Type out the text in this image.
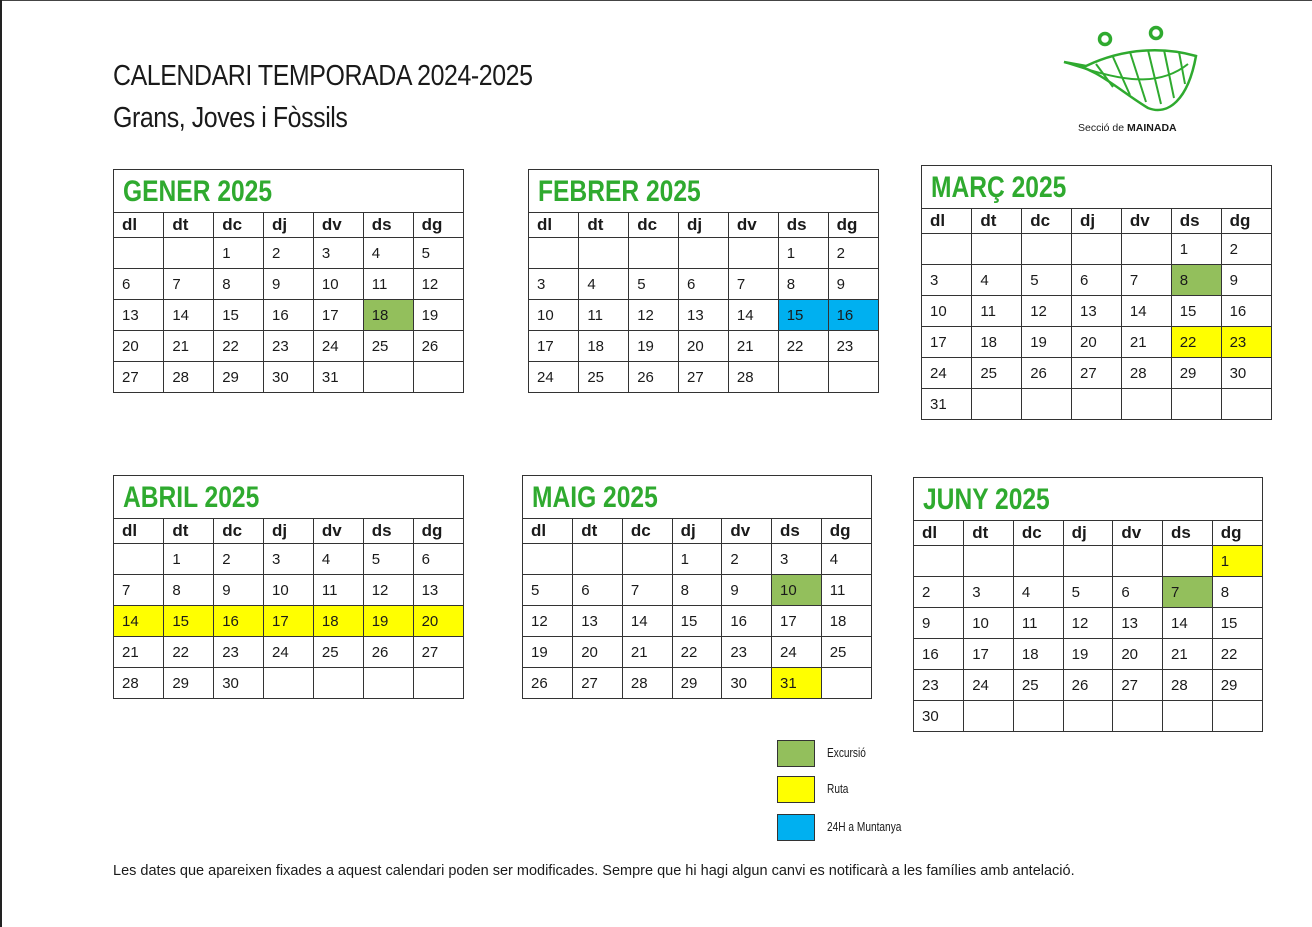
CALENDARI TEMPORADA 2024-2025
Grans, Joves i Fòssils	Secció de MAINADA
GENER 2025
dl	dt	dc	dj	dv	ds	dg
		1	2	3	4	5
6	7	8	9	10	11	12
13	14	15	16	17	18	19
20	21	22	23	24	25	26
27	28	29	30	31		
FEBRER 2025
dl	dt	dc	dj	dv	ds	dg
					1	2
3	4	5	6	7	8	9
10	11	12	13	14	15	16
17	18	19	20	21	22	23
24	25	26	27	28		
MARÇ 2025
dl	dt	dc	dj	dv	ds	dg
					1	2
3	4	5	6	7	8	9
10	11	12	13	14	15	16
17	18	19	20	21	22	23
24	25	26	27	28	29	30
31						
ABRIL 2025
dl	dt	dc	dj	dv	ds	dg
	1	2	3	4	5	6
7	8	9	10	11	12	13
14	15	16	17	18	19	20
21	22	23	24	25	26	27
28	29	30				
MAIG 2025
dl	dt	dc	dj	dv	ds	dg
			1	2	3	4
5	6	7	8	9	10	11
12	13	14	15	16	17	18
19	20	21	22	23	24	25
26	27	28	29	30	31	
JUNY 2025
dl	dt	dc	dj	dv	ds	dg
						1
2	3	4	5	6	7	8
9	10	11	12	13	14	15
16	17	18	19	20	21	22
23	24	25	26	27	28	29
30						
Excursió
Ruta
24H a Muntanya
Les dates que apareixen fixades a aquest calendari poden ser modificades. Sempre que hi hagi algun canvi es notificarà a les famílies amb antelació.
